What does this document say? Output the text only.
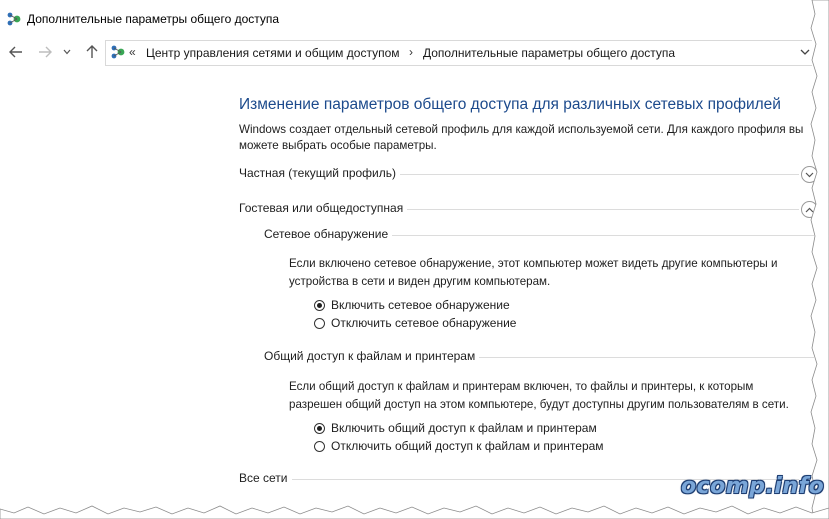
Дополнительные параметры общего доступа
« Центр управления сетями и общим доступом › Дополнительные параметры общего доступа
Изменение параметров общего доступа для различных сетевых профилей
Windows создает отдельный сетевой профиль для каждой используемой сети. Для каждого профиля вы
можете выбрать особые параметры.
Частная (текущий профиль)
Гостевая или общедоступная
Сетевое обнаружение
Если включено сетевое обнаружение, этот компьютер может видеть другие компьютеры и
устройства в сети и виден другим компьютерам.
Включить сетевое обнаружение
Отключить сетевое обнаружение
Общий доступ к файлам и принтерам
Если общий доступ к файлам и принтерам включен, то файлы и принтеры, к которым
разрешен общий доступ на этом компьютере, будут доступны другим пользователям в сети.
Включить общий доступ к файлам и принтерам
Отключить общий доступ к файлам и принтерам
Все сети	ocomp.info
